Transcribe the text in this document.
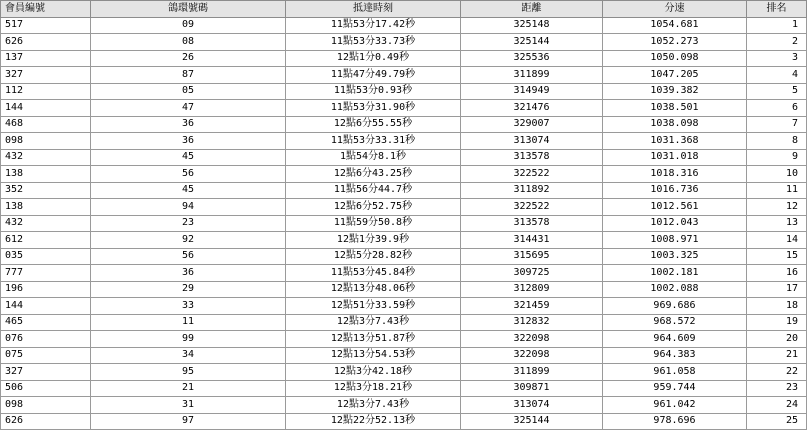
會員編號	鴿環號碼	抵達時刻	距離	分速	排名
517	09	11點53分17.42秒	325148	1054.681	1
626	08	11點53分33.73秒	325144	1052.273	2
137	26	12點1分0.49秒	325536	1050.098	3
327	87	11點47分49.79秒	311899	1047.205	4
112	05	11點53分0.93秒	314949	1039.382	5
144	47	11點53分31.90秒	321476	1038.501	6
468	36	12點6分55.55秒	329007	1038.098	7
098	36	11點53分33.31秒	313074	1031.368	8
432	45	1點54分8.1秒	313578	1031.018	9
138	56	12點6分43.25秒	322522	1018.316	10
352	45	11點56分44.7秒	311892	1016.736	11
138	94	12點6分52.75秒	322522	1012.561	12
432	23	11點59分50.8秒	313578	1012.043	13
612	92	12點1分39.9秒	314431	1008.971	14
035	56	12點5分28.82秒	315695	1003.325	15
777	36	11點53分45.84秒	309725	1002.181	16
196	29	12點13分48.06秒	312809	1002.088	17
144	33	12點51分33.59秒	321459	969.686	18
465	11	12點3分7.43秒	312832	968.572	19
076	99	12點13分51.87秒	322098	964.609	20
075	34	12點13分54.53秒	322098	964.383	21
327	95	12點3分42.18秒	311899	961.058	22
506	21	12點3分18.21秒	309871	959.744	23
098	31	12點3分7.43秒	313074	961.042	24
626	97	12點22分52.13秒	325144	978.696	25
